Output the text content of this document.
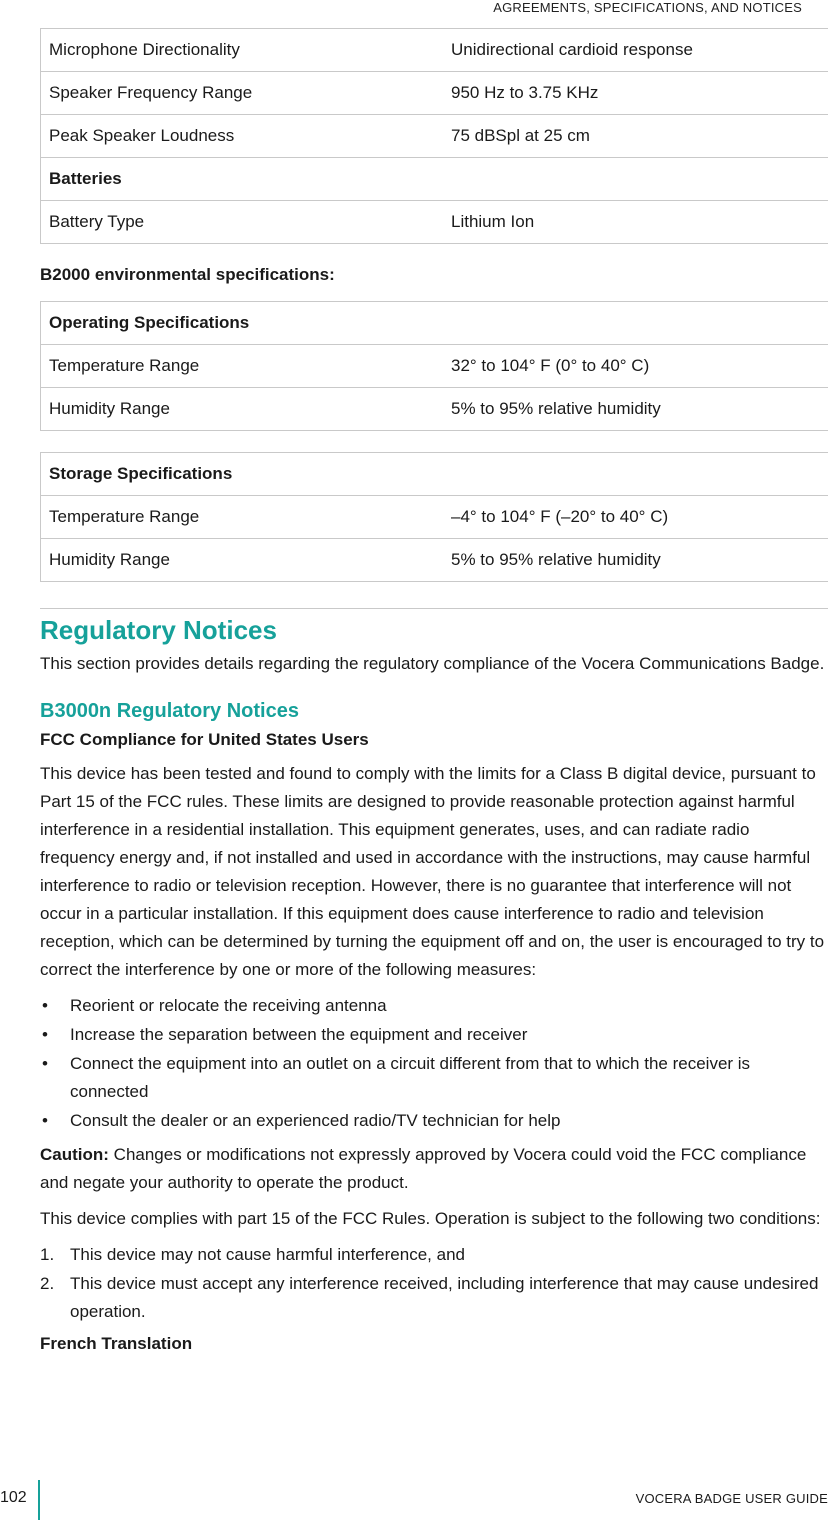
AGREEMENTS, SPECIFICATIONS, AND NOTICES
Microphone Directionality	Unidirectional cardioid response
Speaker Frequency Range	950 Hz to 3.75 KHz
Peak Speaker Loudness	75 dBSpl at 25 cm
Batteries	
Battery Type	Lithium Ion
B2000 environmental specifications:
Operating Specifications	
Temperature Range	32° to 104° F (0° to 40° C)
Humidity Range	5% to 95% relative humidity
Storage Specifications	
Temperature Range	–4° to 104° F (–20° to 40° C)
Humidity Range	5% to 95% relative humidity
Regulatory Notices

This section provides details regarding the regulatory compliance of the Vocera Communications Badge.

B3000n Regulatory Notices
FCC Compliance for United States Users

This device has been tested and found to comply with the limits for a Class B digital device, pursuant to Part 15 of the FCC rules. These limits are designed to provide reasonable protection against harmful interference in a residential installation. This equipment generates, uses, and can radiate radio frequency energy and, if not installed and used in accordance with the instructions, may cause harmful interference to radio or television reception. However, there is no guarantee that interference will not occur in a particular installation. If this equipment does cause interference to radio and television reception, which can be determined by turning the equipment off and on, the user is encouraged to try to correct the interference by one or more of the following measures:

• Reorient or relocate the receiving antenna
• Increase the separation between the equipment and receiver
• Connect the equipment into an outlet on a circuit different from that to which the receiver is connected
• Consult the dealer or an experienced radio/TV technician for help

Caution: Changes or modifications not expressly approved by Vocera could void the FCC compliance and negate your authority to operate the product.

This device complies with part 15 of the FCC Rules. Operation is subject to the following two conditions:

1. This device may not cause harmful interference, and
2. This device must accept any interference received, including interference that may cause undesired operation.
French Translation
102	VOCERA BADGE USER GUIDE
